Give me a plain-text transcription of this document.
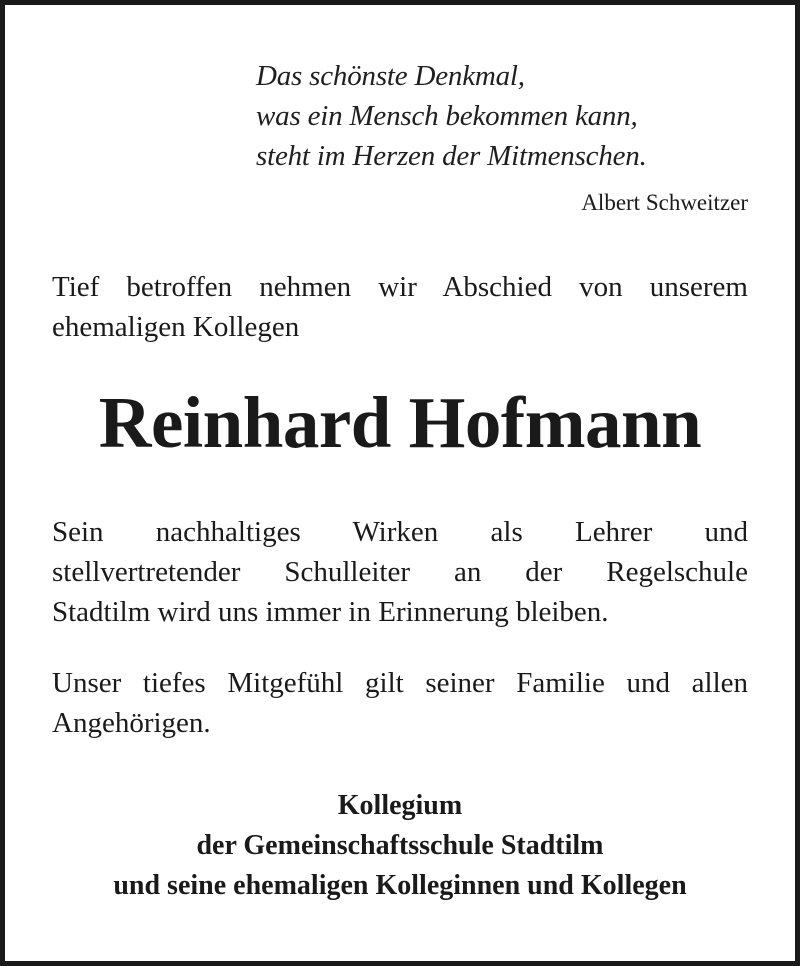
Das schönste Denkmal,
was ein Mensch bekommen kann,
steht im Herzen der Mitmenschen.
Albert Schweitzer
Tief betroffen nehmen wir Abschied von unserem
ehemaligen Kollegen
Reinhard Hofmann
Sein nachhaltiges Wirken als Lehrer und
stellvertretender Schulleiter an der Regelschule
Stadtilm wird uns immer in Erinnerung bleiben.
Unser tiefes Mitgefühl gilt seiner Familie und allen
Angehörigen.
Kollegium
der Gemeinschaftsschule Stadtilm
und seine ehemaligen Kolleginnen und Kollegen
